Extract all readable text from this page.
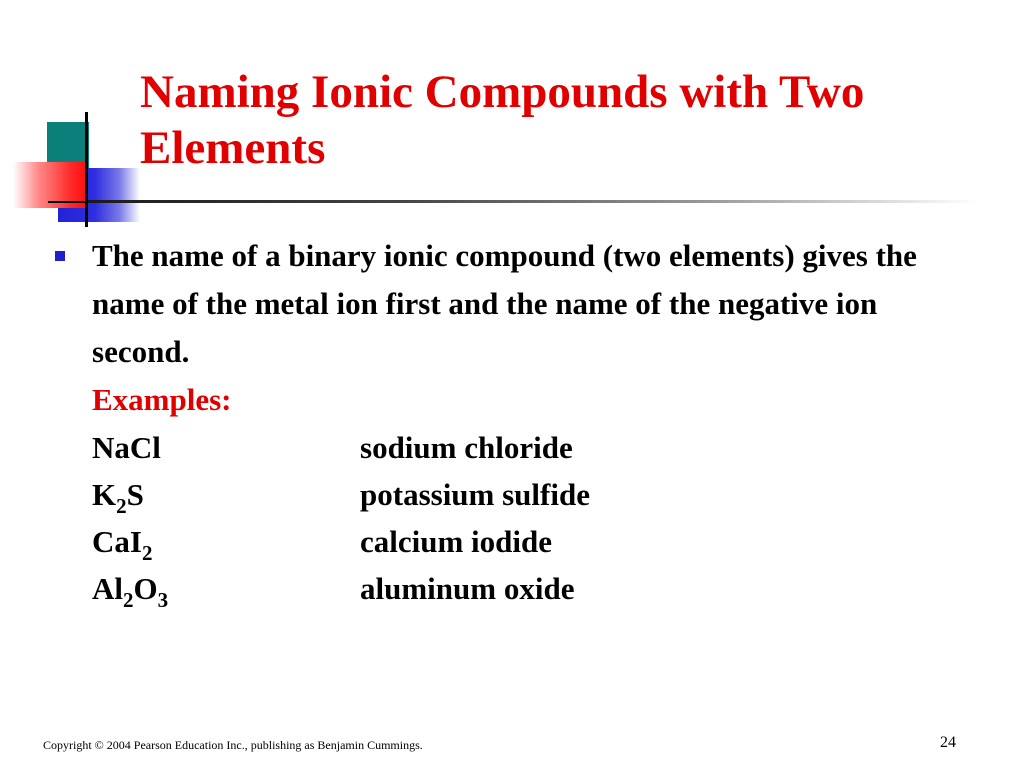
Naming Ionic Compounds with Two Elements
The name of a binary ionic compound (two elements) gives the name of the metal ion first and the name of the negative ion second.
Examples:
NaCl	sodium chloride
$K_2S$	potassium sulfide
CaI$_2$	calcium iodide
$Al_2O_3$	aluminum oxide
Copyright © 2004 Pearson Education Inc., publishing as Benjamin Cummings.	24
